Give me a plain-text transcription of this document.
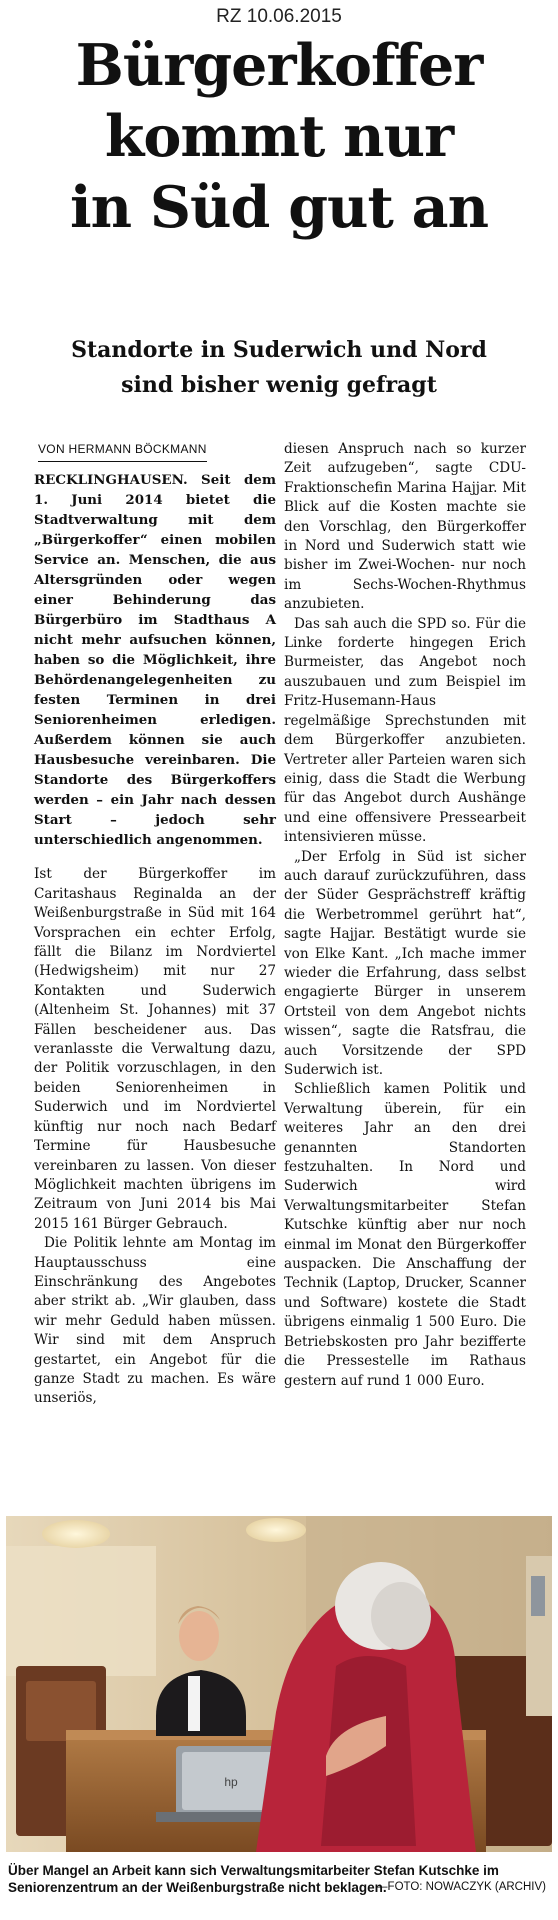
RZ 10.06.2015
Bürgerkoffer
kommt nur
in Süd gut an
Standorte in Suderwich und Nord
sind bisher wenig gefragt
VON HERMANN BÖCKMANN

RECKLINGHAUSEN. Seit dem 1. Juni 2014 bietet die Stadtverwaltung mit dem „Bürgerkoffer“ einen mobilen Service an. Menschen, die aus Altersgründen oder wegen einer Behinderung das Bürgerbüro im Stadthaus A nicht mehr aufsuchen können, haben so die Möglichkeit, ihre Behördenangelegenheiten zu festen Terminen in drei Seniorenheimen erledigen. Außerdem können sie auch Hausbesuche vereinbaren. Die Standorte des Bürgerkoffers werden – ein Jahr nach dessen Start – jedoch sehr unterschiedlich angenommen.

Ist der Bürgerkoffer im Caritashaus Reginalda an der Weißenburgstraße in Süd mit 164 Vorsprachen ein echter Erfolg, fällt die Bilanz im Nordviertel (Hedwigsheim) mit nur 27 Kontakten und Suderwich (Altenheim St. Johannes) mit 37 Fällen bescheidener aus. Das veranlasste die Verwaltung dazu, der Politik vorzuschlagen, in den beiden Seniorenheimen in Suderwich und im Nordviertel künftig nur noch nach Bedarf Termine für Hausbesuche vereinbaren zu lassen. Von dieser Möglichkeit machten übrigens im Zeitraum von Juni 2014 bis Mai 2015 161 Bürger Gebrauch.

Die Politik lehnte am Montag im Hauptausschuss eine Einschränkung des Angebotes aber strikt ab. „Wir glauben, dass wir mehr Geduld haben müssen. Wir sind mit dem Anspruch gestartet, ein Angebot für die ganze Stadt zu machen. Es wäre unseriös,

diesen Anspruch nach so kurzer Zeit aufzugeben“, sagte CDU-Fraktionschefin Marina Hajjar. Mit Blick auf die Kosten machte sie den Vorschlag, den Bürgerkoffer in Nord und Suderwich statt wie bisher im Zwei-Wochen- nur noch im Sechs-Wochen-Rhythmus anzubieten.

Das sah auch die SPD so. Für die Linke forderte hingegen Erich Burmeister, das Angebot noch auszubauen und zum Beispiel im Fritz-Husemann-Haus regelmäßige Sprechstunden mit dem Bürgerkoffer anzubieten. Vertreter aller Parteien waren sich einig, dass die Stadt die Werbung für das Angebot durch Aushänge und eine offensivere Pressearbeit intensivieren müsse.

„Der Erfolg in Süd ist sicher auch darauf zurückzuführen, dass der Süder Gesprächstreff kräftig die Werbetrommel gerührt hat“, sagte Hajjar. Bestätigt wurde sie von Elke Kant. „Ich mache immer wieder die Erfahrung, dass selbst engagierte Bürger in unserem Ortsteil von dem Angebot nichts wissen“, sagte die Ratsfrau, die auch Vorsitzende der SPD Suderwich ist.

Schließlich kamen Politik und Verwaltung überein, für ein weiteres Jahr an den drei genannten Standorten festzuhalten. In Nord und Suderwich wird Verwaltungsmitarbeiter Stefan Kutschke künftig aber nur noch einmal im Monat den Bürgerkoffer auspacken. Die Anschaffung der Technik (Laptop, Drucker, Scanner und Software) kostete die Stadt übrigens einmalig 1 500 Euro. Die Betriebskosten pro Jahr bezifferte die Pressestelle im Rathaus gestern auf rund 1 000 Euro.

hp
Über Mangel an Arbeit kann sich Verwaltungsmitarbeiter Stefan Kutschke im Seniorenzentrum an der Weißenburgstraße nicht beklagen.
—FOTO: NOWACZYK (ARCHIV)
